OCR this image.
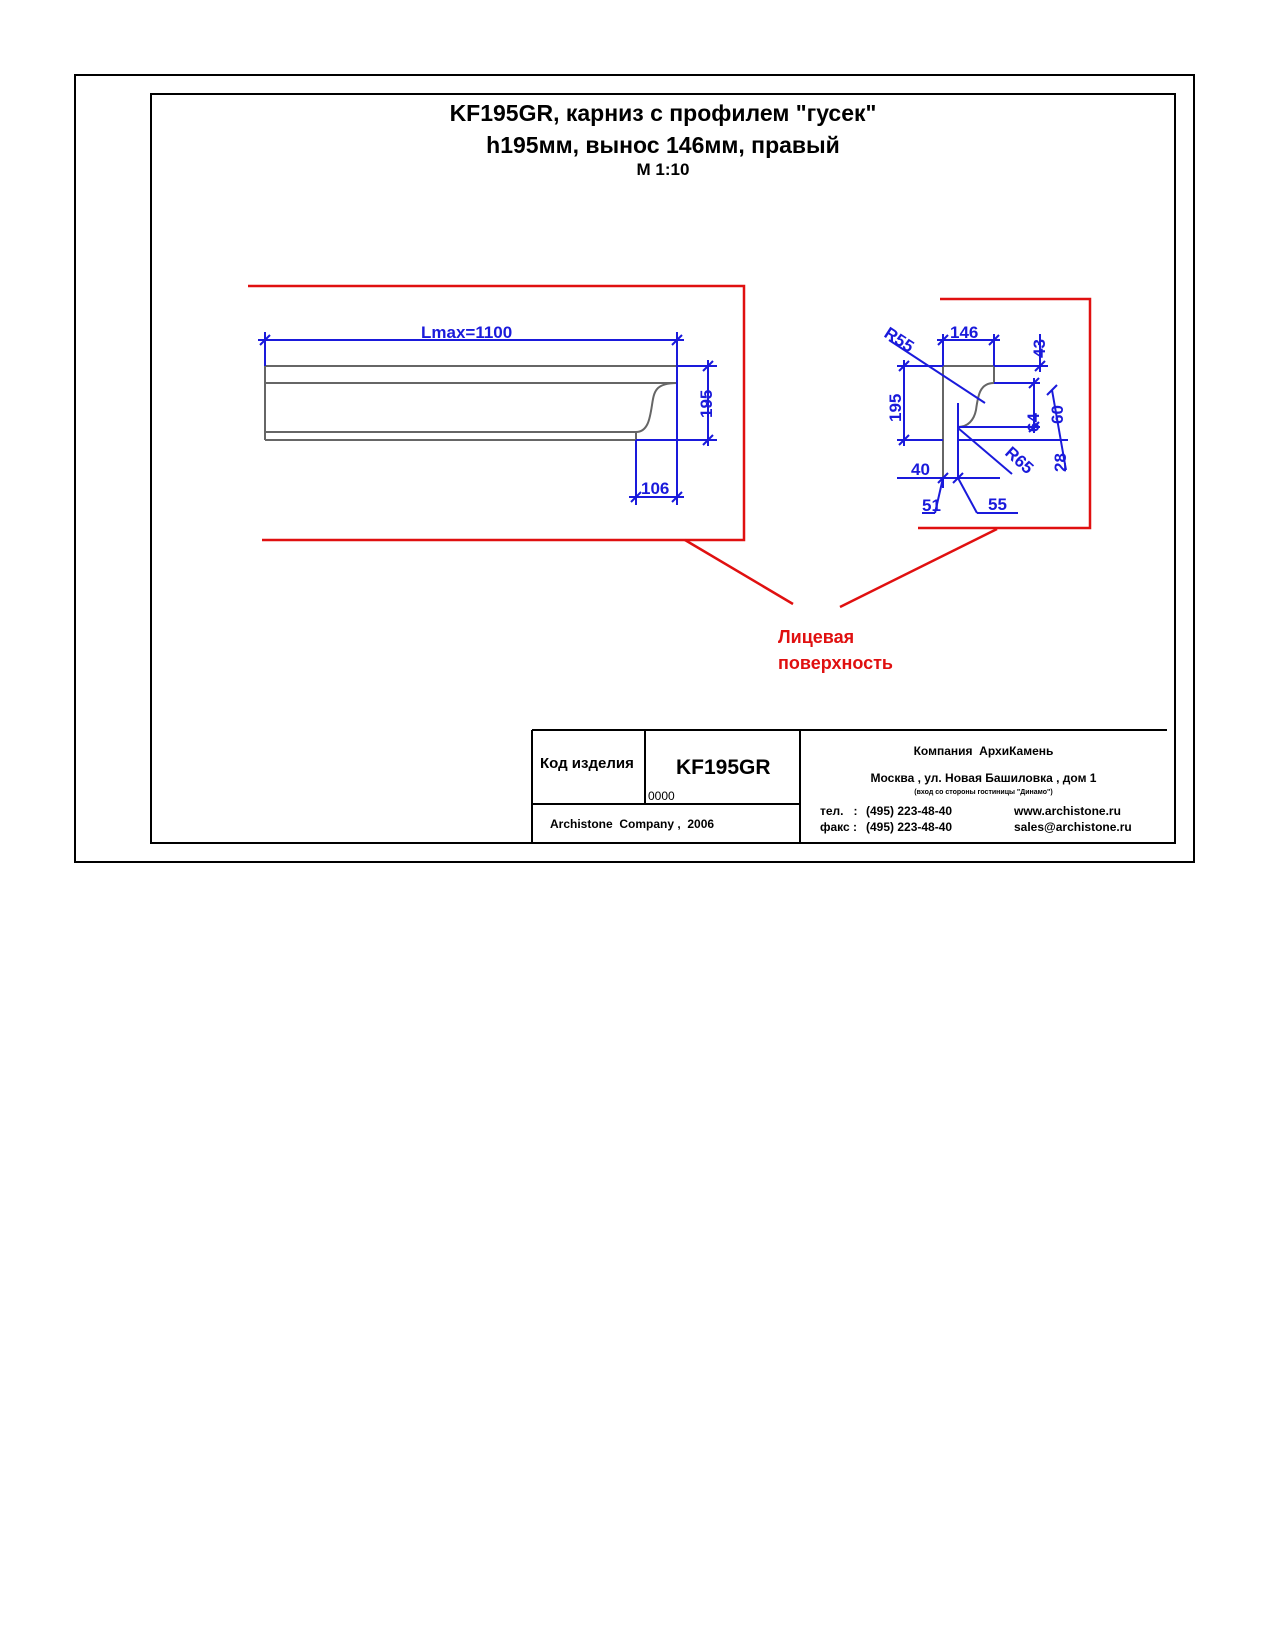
KF195GR, карниз с профилем "гусек"
h195мм, вынос 146мм, правый
М 1:10
Lmax=1100
195
106
146
43
R55
195
64 60
28
R65
40
51	55
Лицевая
поверхность
Код изделия KF195GR
0000
Archistone  Company ,  2006
Компания  АрхиКамень
Москва , ул. Новая Башиловка , дом 1
(вход со стороны гостиницы "Динамо")
тел.   : (495) 223-48-40
факс : (495) 223-48-40
www.archistone.ru
sales@archistone.ru
